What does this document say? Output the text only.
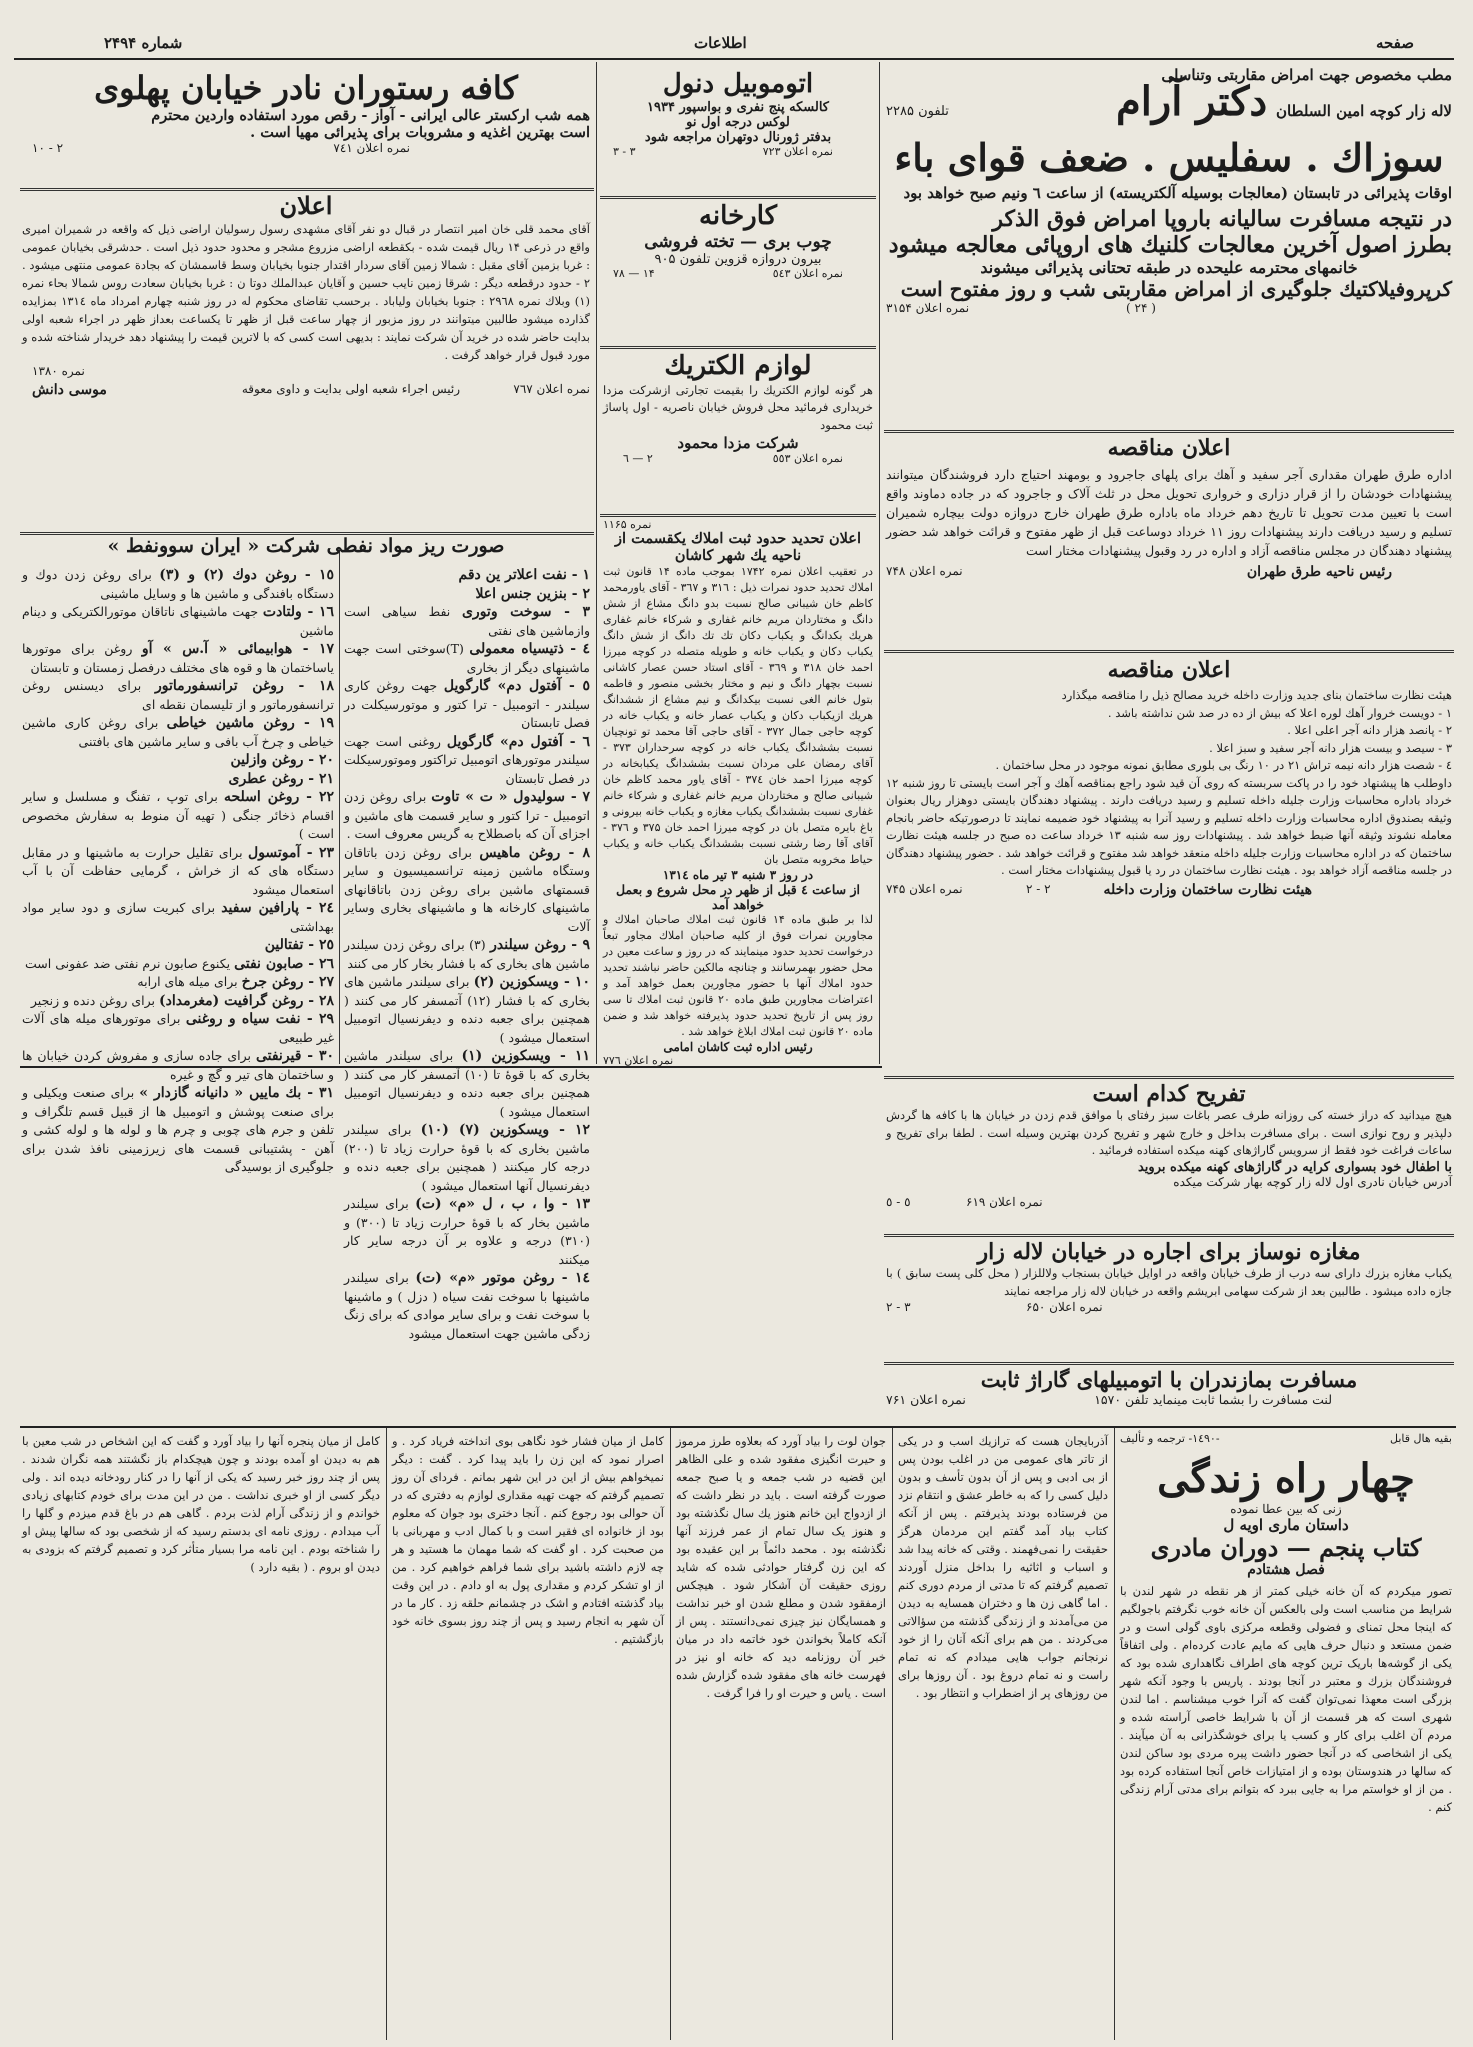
شماره ۲۴۹۴	اطلاعات	صفحه
مطب مخصوص جهت امراض مقاربتی وتناسلی
لاله زار کوچه امین السلطان
دکتر آرام
تلفون ۲۲۸۵
سوزاك . سفلیس . ضعف قوای باء
اوقات پذیرائی در تابستان (معالجات بوسیله آلکتریسته) از ساعت ٦ ونیم صبح خواهد بود
در نتیجه مسافرت سالیانه باروپا امراض فوق الذکر
بطرز اصول آخرین معالجات کلنیك های اروپائی معالجه میشود
خانمهای محترمه علیحده در طبقه تحتانی پذیرائی میشوند
کرپروفیلاکتیك جلوگیری از امراض مقاربتی شب و روز مفتوح است
نمره اعلان ۳۱۵۴	( ۲۴ )
اعلان مناقصه
اداره طرق طهران مقداری آجر سفید و آهك برای پلهای جاجرود و بومهند احتیاج دارد فروشندگان میتوانند پیشنهادات خودشان را از قرار دزاری و خرواری تحویل محل در ثلث آلاک و جاجرود که در جاده دماوند واقع است با تعیین مدت تحویل تا تاریخ دهم خرداد ماه باداره طرق طهران خارج دروازه دولت بیچاره شمیران تسلیم و رسید دریافت دارند پیشنهادات روز ۱۱ خرداد دوساعت قبل از ظهر مفتوح و قرائت خواهد شد حضور پیشنهاد دهندگان در مجلس مناقصه آزاد و اداره در رد وقبول پیشنهادات مختار است
رئیس ناحیه طرق طهران
نمره اعلان ۷۴۸
اعلان مناقصه
هیئت نظارت ساختمان بنای جدید وزارت داخله خرید مصالح ذیل را مناقصه میگذارد
۱ - دویست خروار آهك لوره اعلا که بیش از ده در صد شن نداشته باشد .
۲ - پانصد هزار دانه آجر اعلی اعلا .
۳ - سیصد و بیست هزار دانه آجر سفید و سبز اعلا .
٤ - شصت هزار دانه نیمه تراش ۲۱ در ۱۰ رنگ بی بلوری مطابق نمونه موجود در محل ساختمان .
داوطلب ها پیشنهاد خود را در پاکت سربسته که روی آن قید شود راجع بمناقصه آهك و آجر است بایستی تا روز شنبه ۱۲ خرداد باداره محاسبات وزارت جلیله داخله تسلیم و رسید دریافت دارند . پیشنهاد دهندگان بایستی دوهزار ریال بعنوان وثیقه بصندوق اداره محاسبات وزارت داخله تسلیم و رسید آنرا به پیشنهاد خود ضمیمه نمایند تا درصورتیکه حاضر بانجام معامله نشوند وثیقه آنها ضبط خواهد شد . پیشنهادات روز سه شنبه ۱۳ خرداد ساعت ده صبح در جلسه هیئت نظارت ساختمان که در اداره محاسبات وزارت جلیله داخله منعقد خواهد شد مفتوح و قرائت خواهد شد . حضور پیشنهاد دهندگان در جلسه مناقصه آزاد خواهد بود . هیئت نظارت ساختمان در رد یا قبول پیشنهادات مختار است .
هیئت نظارت ساختمان وزارت داخله
نمره اعلان ۷۴۵	۲ - ۲
تفریح کدام است
هیچ میدانید که دراز خسته کی روزانه طرف عصر باغات سبز رفتای با موافق قدم زدن در خیابان ها با کافه ها گردش دلپذیر و روح نوازی است . برای مسافرت بداخل و خارج شهر و تفریح کردن بهترین وسیله است . لطفا برای تفریح و ساعات فراغت خود فقط از سرویس گاراژهای کهنه میکده استفاده فرمائید .
با اطفال خود بسواری کرایه در گاراژهای کهنه میکده بروید
آدرس خیابان نادری اول لاله زار کوچه بهار شرکت میکده
٥ - ٥	نمره اعلان ۶۱۹
مغازه نوساز برای اجاره در خیابان لاله زار
یکباب مغازه بزرك دارای سه درب از طرف خیابان واقعه در اوایل خیابان بسنجاب ولاللزار ( محل کلی پست سابق ) با جازه داده میشود . طالبین بعد از شرکت سهامی ابریشم واقعه در خیابان لاله زار مراجعه نمایند
۳ - ۲	نمره اعلان ۶۵۰
مسافرت بمازندران با اتومبیلهای گاراژ ثابت
لنت مسافرت را بشما ثابت مینماید تلفن ۱۵۷۰
نمره اعلان ۷۶۱
اتوموبیل دنول
کالسکه پنج نفری و بواسپور ۱۹۳۴
لوکس درجه اول نو
بدفتر ژورنال دوتهران مراجعه شود
نمره اعلان ۷۲۳
۳ - ۳
کارخانه
چوب بری — تخته فروشی
بیرون دروازه قزوین تلفون ۹۰۵
نمره اعلان ٥٤٣
۱۴ — ۷۸
لوازم الکتریك
هر گونه لوازم الکتریك را بقیمت تجارتی ازشرکت مزدا خریداری فرمائید محل فروش خیابان ناصریه - اول پاساژ ثبت محمود
شرکت مزدا محمود
نمره اعلان ٥٥٣
۲ — ٦
نمره ۱۱۶۵
اعلان تحدید حدود ثبت املاك یکقسمت از ناحیه یك شهر کاشان
در تعقیب اعلان نمره ۱۷۴۲ بموجب ماده ۱۴ قانون ثبت املاك تحدید حدود نمرات ذیل : ۳۱٦ و ۳٦۷ - آقای یاورمحمد کاظم خان شیبانی صالح نسبت بدو دانگ مشاع از شش دانگ و مختاردان مریم خانم غفاری و شرکاء خانم غفاری هریك بکدانگ و یکباب دکان تك تك دانگ از شش دانگ یکباب دکان و یکباب خانه و طویله متصله در کوچه میرزا احمد خان ۳۱۸ و ۳٦۹ - آقای استاد حسن عصار کاشانی نسبت بچهار دانگ و نیم و مختار بخشی منصور و فاطمه بتول خانم الغی نسبت بیکدانگ و نیم مشاع از ششدانگ هریك ازیکباب دکان و یکباب عصار خانه و یکباب خانه در کوچه حاجی جمال ۳۷۲ - آقای حاجی آقا محمد تو تونچیان نسبت بششدانگ یکباب خانه در کوچه سرحداران ۳۷۳ - آقای رمضان علی مردان نسبت بششدانگ یکبابخانه در کوچه میرزا احمد خان ۳۷٤ - آقای یاور محمد کاظم خان شیبانی صالح و مختاردان مریم خانم غفاری و شرکاء خانم غفاری نسبت بششدانگ یکباب مغازه و یکباب خانه بیرونی و باغ بایره متصل بان در کوچه میرزا احمد خان ۳۷۵ و ۳۷٦ - آقای آقا رضا رشتی نسبت بششدانگ یکباب خانه و یکباب حیاط مخروبه متصل بان
در روز ۳ شنبه ۳ تیر ماه ۱۳۱٤
از ساعت ٤ قبل از ظهر در محل شروع و بعمل خواهد آمد
لذا بر طبق ماده ۱۴ قانون ثبت املاك صاحبان املاك و مجاورین نمرات فوق از کلیه صاحبان املاك مجاور تبعاً درخواست تحدید حدود مینمایند که در روز و ساعت معین در محل حضور بهمرسانند و چنانچه مالکین حاضر نباشند تحدید حدود املاك آنها با حضور مجاورین بعمل خواهد آمد و اعتراضات مجاورین طبق ماده ۲۰ قانون ثبت املاك تا سی روز پس از تاریخ تحدید حدود پذیرفته خواهد شد و ضمن ماده ۲۰ قانون ثبت املاك ابلاغ خواهد شد .
رئیس اداره ثبت کاشان امامی
نمره اعلان ۷۷٦
کافه رستوران نادر خیابان پهلوی
همه شب ارکستر عالی ایرانی - آواز - رقص مورد استفاده واردین محترم
است بهترین اغذیه و مشروبات برای پذیرائی مهیا است .
نمره اعلان ۷٤۱
۲ - ۱۰
اعلان
آقای محمد قلی خان امیر انتصار در قبال دو نفر آقای مشهدی رسول رسولیان اراضی ذیل که واقعه در شمیران امیری واقع در ذرعی ۱۴ ریال قیمت شده - بکقطعه اراضی مزروع مشجر و محدود حدود ذیل است . حدشرقی بخیابان عمومی : غربا بزمین آقای مقبل : شمالا زمین آقای سردار اقتدار جنوبا بخیابان وسط قاسمشان که بجادة عمومی منتهی میشود . ۲ - حدود درقطعه دیگر : شرقا زمین نایب حسین و آقایان عبدالملك دوتا ن : غربا بخیابان سعادت روس شمالا بحاء نمره (۱) وبلاك نمره ۲۹٦۸ : جنوبا بخیابان ولیاباد . برحسب تقاضای محکوم له در روز شنبه چهارم امرداد ماه ۱۳۱٤ بمزایده گذارده میشود طالبین میتوانند در روز مزبور از چهار ساعت قبل از ظهر تا یکساعت بعداز ظهر در اجراء شعبه اولی بدایت حاضر شده در خرید آن شرکت نمایند : بدیهی است کسی که با لاترین قیمت را پیشنهاد دهد خریدار شناخته شده و مورد قبول قرار خواهد گرفت .
نمره ۱۳۸۰
نمره اعلان ۷٦۷
رئیس اجراء شعبه اولی بدایت و داوی معوقه
موسی دانش
صورت ریز مواد نفطی شرکت « ایران سوونفط »

۱ - نفت اعلاتر ین دقم

۲ - بنزین جنس اعلا

۳ - سوخت وتوری نفط سیاهی است وازماشین های نفتی

٤ - ذتیسیاه معمولی (T)سوختی است جهت ماشینهای دیگر از بخاری

٥ - آفتول دم» گارگویل جهت روغن کاری سیلندر - اتومبیل - ترا کتور و موتورسیکلت در فصل تابستان

٦ - آفتول دم» گارگویل روغنی است جهت سیلندر موتورهای اتومبیل تراکتور وموتورسیکلت در فصل تابستان

۷ - سولیدول « ت » تاوت برای روغن زدن اتومبیل - ترا کتور و سایر قسمت های ماشین و اجزای آن که باصطلاح به گریس معروف است .

۸ - روغن ماهیس برای روغن زدن باتاقان وستگاه ماشین زمینه ترانسمیسیون و سایر قسمتهای ماشین برای روغن زدن باتاقانهای ماشینهای کارخانه ها و ماشینهای بخاری وسایر آلات

۹ - روغن سیلندر (۳) برای روغن زدن سیلندر ماشین های بخاری که با فشار بخار کار می کنند

۱۰ - ویسکوزین (۲) برای سیلندر ماشین های بخاری که با فشار (۱۲) آتمسفر کار می کنند ( همچنین برای جعبه دنده و دیفرنسیال اتومبیل استعمال میشود )

۱۱ - ویسکوزین (۱) برای سیلندر ماشین بخاری که با قوۀ تا (۱۰) آتمسفر کار می کنند ( همچنین برای جعبه دنده و دیفرنسیال اتومبیل استعمال میشود )

۱۲ - ویسکوزین (۷) (۱۰) برای سیلندر ماشین بخاری که با قوۀ حرارت زیاد تا (۲۰۰) درجه کار میکنند ( همچنین برای جعبه دنده و دیفرنسیال آنها استعمال میشود )

۱۳ - وا ، ب ، ل «م» (ت) برای سیلندر ماشین بخار که با قوۀ حرارت زیاد تا (۳۰۰) و (۳۱۰) درجه و علاوه بر آن درجه سایر کار میکنند

۱٤ - روغن موتور «م» (ت) برای سیلندر ماشینها با سوخت نفت سیاه ( دزل ) و ماشینها با سوخت نفت و برای سایر موادی که برای زنگ زدگی ماشین جهت استعمال میشود

۱٥ - روغن دوك (۲) و (۳) برای روغن زدن دوك و دستگاه بافندگی و ماشین ها و وسایل ماشینی

۱٦ - ولتادت جهت ماشینهای ناتاقان موتورالکتریکی و دینام ماشین

۱۷ - هوابیمائی « آ.س » آو روغن برای موتورها یاساختمان ها و قوه های مختلف درفصل زمستان و تابستان

۱۸ - روغن ترانسفورماتور برای دیسنس روغن ترانسفورماتور و از تلیسمان نقطه ای

۱۹ - روغن ماشین خیاطی برای روغن کاری ماشین خیاطی و چرخ آب بافی و سایر ماشین های بافتنی

۲۰ - روغن وازلین

۲۱ - روغن عطری

۲۲ - روغن اسلحه برای توپ ، تفنگ و مسلسل و سایر اقسام ذخائر جنگی ( تهیه آن منوط به سفارش مخصوص است )

۲۳ - آموتسول برای تقلیل حرارت به ماشینها و در مقابل دستگاه های که از خراش ، گرمایی حفاظت آن با آب استعمال میشود

۲٤ - پارافین سفید برای کبریت سازی و دود سایر مواد بهداشتی

۲٥ - تفتالین

۲٦ - صابون نفتی یکنوع صابون نرم نفتی ضد عفونی است

۲۷ - روغن جرخ برای میله های ارابه

۲۸ - روغن گرافیت (مغرمداد) برای روغن دنده و زنجیر

۲۹ - نفت سیاه و روغنی برای موتورهای میله های آلات غیر طبیعی

۳۰ - قیرنفتی برای جاده سازی و مفروش کردن خیابان ها و ساختمان های تیر و گچ و غیره

۳۱ - بك ماییں « دانیانه گازدار » برای صنعت ویکیلی و برای صنعت پوشش و اتومبیل ها از قبیل قسم تلگراف و تلفن و جرم های چوبی و چرم ها و لوله ها و لوله کشی و آهن - پشتیبانی قسمت های زیرزمینی نافذ شدن برای جلوگیری از بوسیدگی

بقیه هال قابل
-۱٤۹۰- ترجمه و تألیف
چهار راه زندگی
زنی که بین عطا نموده
داستان ماری اویه ل
کتاب پنجم — دوران مادری
فصل هشتادم
تصور میکردم که آن خانه خیلی کمتر از هر نقطه در شهر لندن با شرایط من مناسب است ولی بالعکس آن خانه خوب نگرفتم باجولگیم که اینجا محل تمنای و فضولی وقطعه مرکزی باوی گولی است و در ضمن مستعد و دنبال حرف هایی که مایم عادت کرده‌ام . ولی اتفاقاً یکی از گوشه‌ها باریک ترین کوچه های اطراف نگاهداری شده بود که فروشندگان بزرك و معتبر در آنجا بودند . پاریس با وجود آنکه شهر بزرگی است معهذا نمی‌توان گفت که آنرا خوب میشناسم . اما لندن شهری است که هر قسمت از آن با شرایط خاصی آراسته شده و مردم آن اغلب برای کار و کسب یا برای خوشگذرانی به آن میآیند . یکی از اشخاصی که در آنجا حضور داشت پیره مردی بود ساکن لندن که سالها در هندوستان بوده و از امتیازات خاص آنجا استفاده کرده بود . من از او خواستم مرا به جایی ببرد که بتوانم برای مدتی آرام زندگی کنم .
آذربایجان هست که ترازیك اسب و در یکی از تاتر های عمومی من در اغلب بودن پس از بی ادبی و پس از آن بدون تأسف و بدون دلیل کسی را که به خاطر عشق و انتقام نزد من فرستاده بودند پذیرفتم . پس از آنکه کتاب بیاد آمد گفتم این مردمان هرگز حقیقت را نمی‌فهمند . وقتی که خانه پیدا شد و اسباب و اثاثیه را بداخل منزل آوردند تصمیم گرفتم که تا مدتی از مردم دوری کنم . اما گاهی زن ها و دختران همسایه به دیدن من می‌آمدند و از زندگی گذشته من سؤالاتی می‌کردند . من هم برای آنکه آنان را از خود نرنجانم جواب هایی میدادم که نه تمام راست و نه تمام دروغ بود . آن روزها برای من روزهای پر از اضطراب و انتظار بود .
جوان لوت را بیاد آورد که بعلاوه طرز مرموز و حیرت انگیزی مفقود شده و علی الظاهر این قضیه در شب جمعه و یا صبح جمعه صورت گرفته است . باید در نظر داشت که از ازدواج این خانم هنوز یك سال نگذشته بود و هنوز یک سال تمام از عمر فرزند آنها نگذشته بود . محمد دائماً بر این عقیده بود که این زن گرفتار حوادثی شده که شاید روزی حقیقت آن آشکار شود . هیچکس ازمفقود شدن و مطلع شدن او خبر نداشت و همسایگان نیز چیزی نمی‌دانستند . پس از آنکه کاملاً بخواندن خود خاتمه داد در میان خبر آن روزنامه دید که خانه او نیز در فهرست خانه های مفقود شده گزارش شده است . یاس و حیرت او را فرا گرفت .
کامل از میان فشار خود نگاهی بوی انداخته فریاد کرد . و اصرار نمود که این زن را باید پیدا کرد . گفت : دیگر نمیخواهم بیش از این در این شهر بمانم . فردای آن روز تصمیم گرفتم که جهت تهیه مقداری لوازم به دفتری که در آن حوالی بود رجوع کنم . آنجا دختری بود جوان که معلوم بود از خانواده ای فقیر است و با کمال ادب و مهربانی با من صحبت کرد . او گفت که شما مهمان ما هستید و هر چه لازم داشته باشید برای شما فراهم خواهیم کرد . من از او تشکر کردم و مقداری پول به او دادم . در این وقت بیاد گذشته افتادم و اشک در چشمانم حلقه زد . کار ما در آن شهر به انجام رسید و پس از چند روز بسوی خانه خود بازگشتیم .
کامل از میان پنجره آنها را بیاد آورد و گفت که این اشخاص در شب معین با هم به دیدن او آمده بودند و چون هیچکدام باز نگشتند همه نگران شدند . پس از چند روز خبر رسید که یکی از آنها را در کنار رودخانه دیده اند . ولی دیگر کسی از او خبری نداشت . من در این مدت برای خودم کتابهای زیادی خواندم و از زندگی آرام لذت بردم . گاهی هم در باغ قدم میزدم و گلها را آب میدادم . روزی نامه ای بدستم رسید که از شخصی بود که سالها پیش او را شناخته بودم . این نامه مرا بسیار متأثر کرد و تصمیم گرفتم که بزودی به دیدن او بروم . ( بقیه دارد )
